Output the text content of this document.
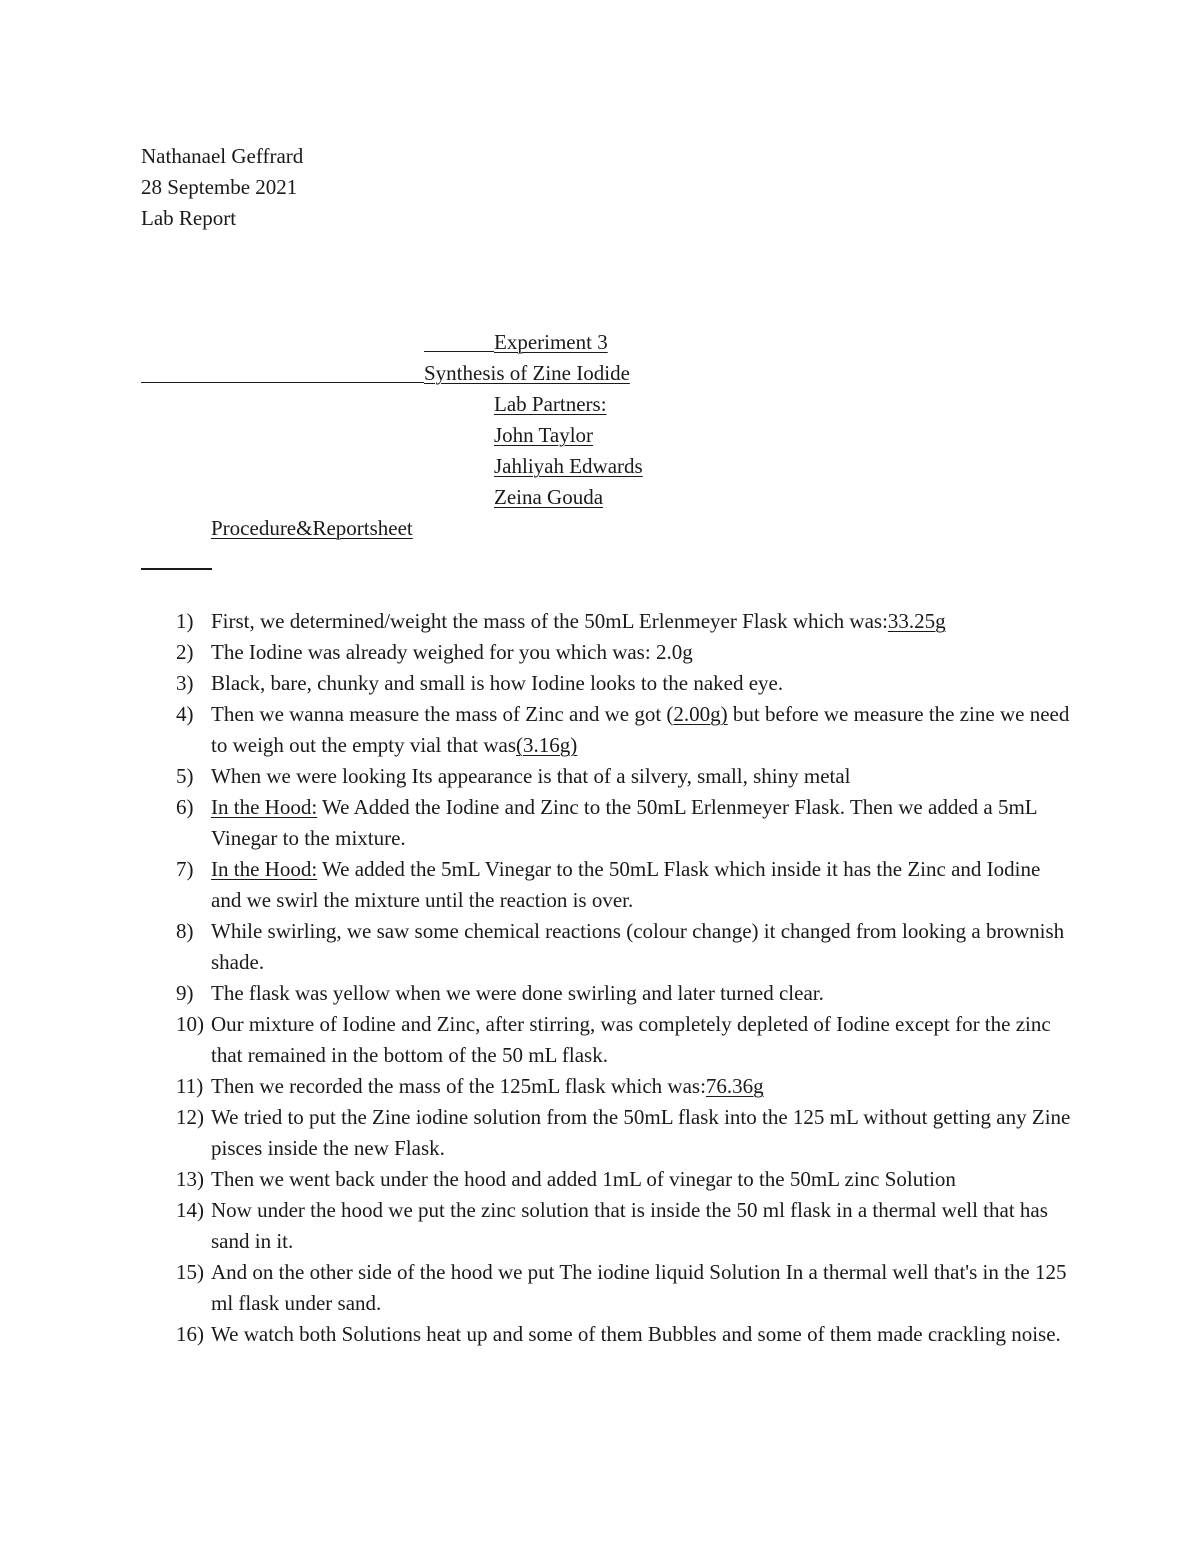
Nathanael Geffrard
28 Septembe 2021
Lab Report
Experiment 3
Synthesis of Zine Iodide
Lab Partners:
John Taylor
Jahliyah Edwards
Zeina Gouda
Procedure&Reportsheet
1) First, we determined/weight the mass of the 50mL Erlenmeyer Flask which was:33.25g
2) The Iodine was already weighed for you which was: 2.0g
3) Black, bare, chunky and small is how Iodine looks to the naked eye.
4) Then we wanna measure the mass of Zinc and we got (2.00g) but before we measure the zine we need to weigh out the empty vial that was(3.16g)
5) When we were looking Its appearance is that of a silvery, small, shiny metal
6) In the Hood: We Added the Iodine and Zinc to the 50mL Erlenmeyer Flask. Then we added a 5mL Vinegar to the mixture.
7) In the Hood: We added the 5mL Vinegar to the 50mL Flask which inside it has the Zinc and Iodine and we swirl the mixture until the reaction is over.
8) While swirling, we saw some chemical reactions (colour change) it changed from looking a brownish shade.
9) The flask was yellow when we were done swirling and later turned clear.
10) Our mixture of Iodine and Zinc, after stirring, was completely depleted of Iodine except for the zinc that remained in the bottom of the 50 mL flask.
11) Then we recorded the mass of the 125mL flask which was:76.36g
12) We tried to put the Zine iodine solution from the 50mL flask into the 125 mL without getting any Zine pisces inside the new Flask.
13) Then we went back under the hood and added 1mL of vinegar to the 50mL zinc Solution
14) Now under the hood we put the zinc solution that is inside the 50 ml flask in a thermal well that has sand in it.
15) And on the other side of the hood we put The iodine liquid Solution In a thermal well that's in the 125 ml flask under sand.
16) We watch both Solutions heat up and some of them Bubbles and some of them made crackling noise.
